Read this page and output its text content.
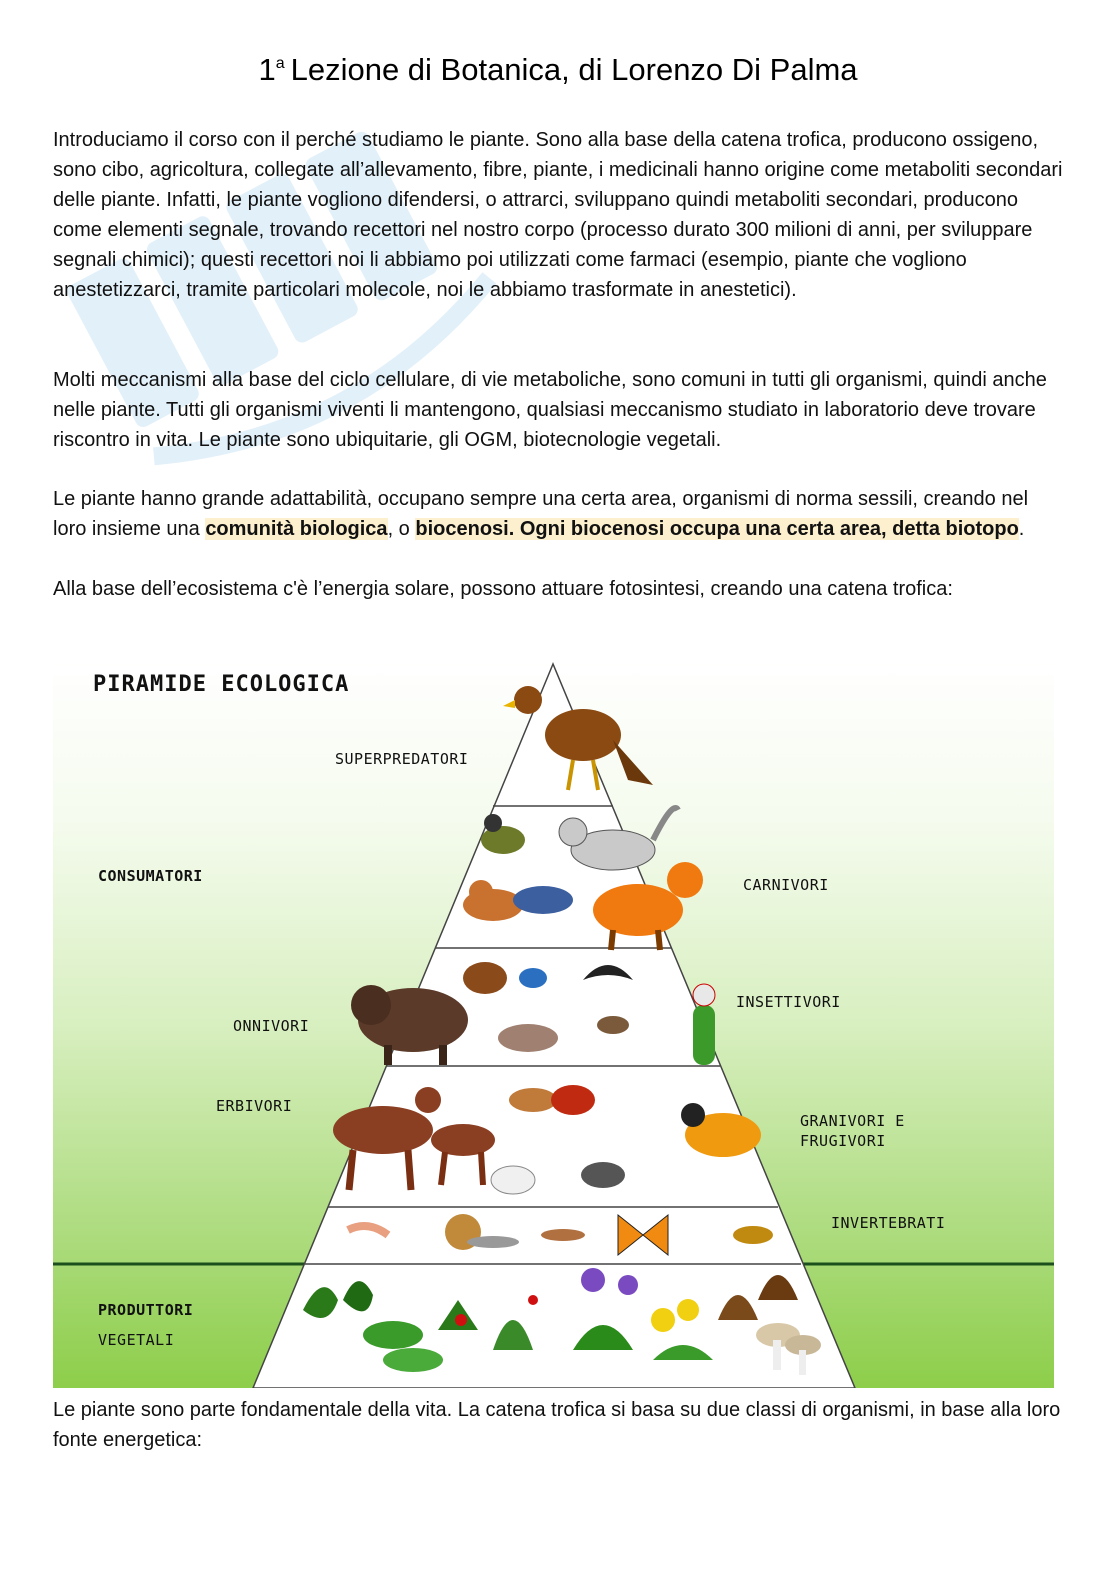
1$^a$ Lezione di Botanica, di Lorenzo Di Palma

Introduciamo il corso con il perché studiamo le piante. Sono alla base della catena trofica, producono ossigeno, sono cibo, agricoltura, collegate all’allevamento, fibre, piante, i medicinali hanno origine come metaboliti secondari delle piante. Infatti, le piante vogliono difendersi, o attrarci, sviluppano quindi metaboliti secondari, producono come elementi segnale, trovando recettori nel nostro corpo (processo durato 300 milioni di anni, per sviluppare segnali chimici); questi recettori noi li abbiamo poi utilizzati come farmaci (esempio, piante che vogliono anestetizzarci, tramite particolari molecole, noi le abbiamo trasformate in anestetici).

Molti meccanismi alla base del ciclo cellulare, di vie metaboliche, sono comuni in tutti gli organismi, quindi anche nelle piante. Tutti gli organismi viventi li mantengono, qualsiasi meccanismo studiato in laboratorio deve trovare riscontro in vita. Le piante sono ubiquitarie, gli OGM, biotecnologie vegetali.

Le piante hanno grande adattabilità, occupano sempre una certa area, organismi di norma sessili, creando nel loro insieme una comunità biologica, o biocenosi. Ogni biocenosi occupa una certa area, detta biotopo.

Alla base dell’ecosistema c'è l’energia solare, possono attuare fotosintesi, creando una catena trofica:

PIRAMIDE ECOLOGICA
SUPERPREDATORI
CONSUMATORI	CARNIVORI
INSETTIVORI
ONNIVORI
ERBIVORI
GRANIVORI E
FRUGIVORI
INVERTEBRATI
PRODUTTORI
VEGETALI

Le piante sono parte fondamentale della vita. La catena trofica si basa su due classi di organismi, in base alla loro fonte energetica:
